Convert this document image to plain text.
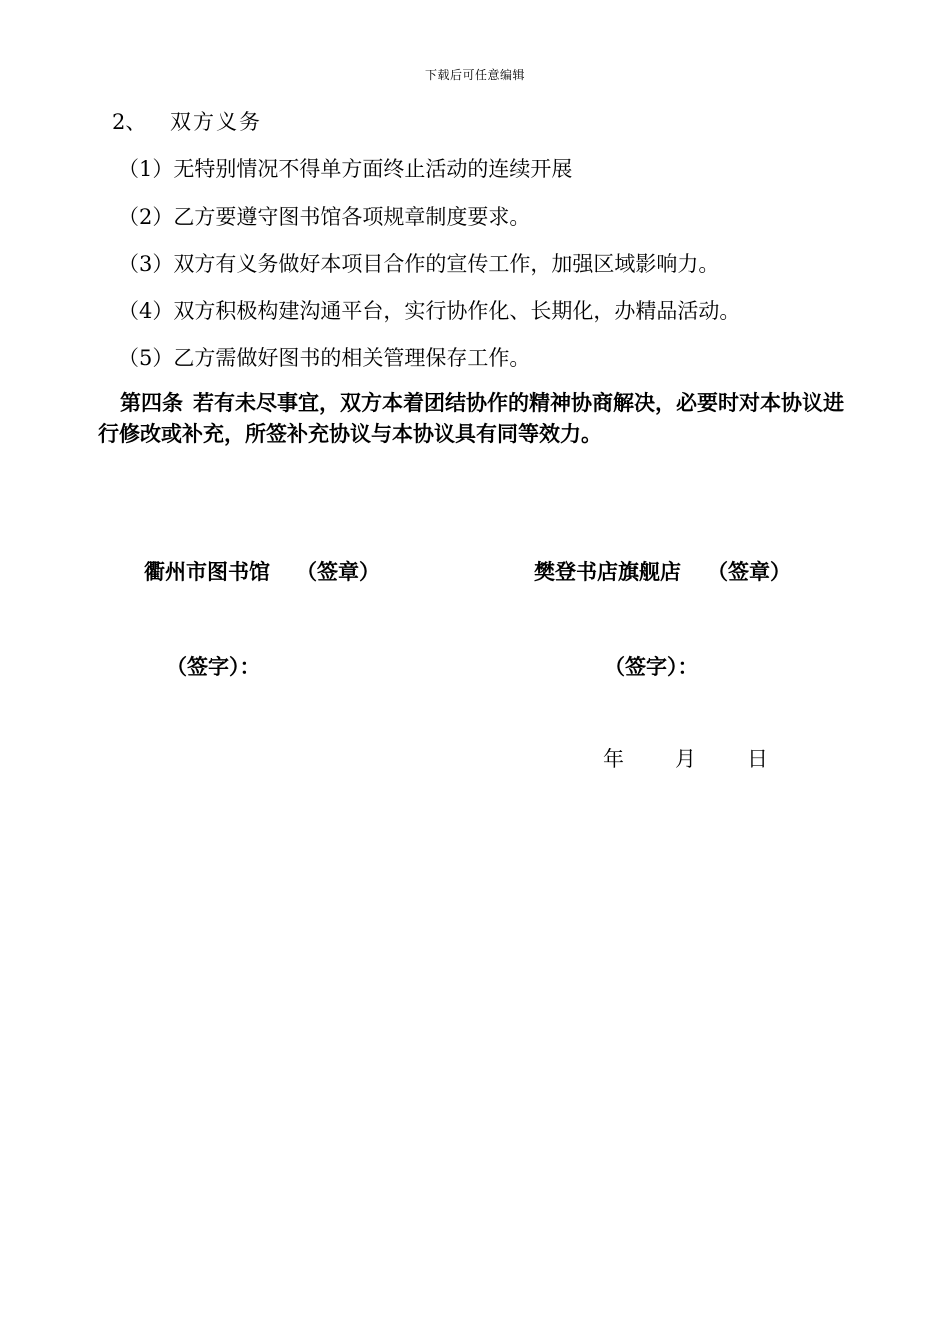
下载后可任意编辑
2、 双方义务
（1）无特别情况不得单方面终止活动的连续开展
（2）乙方要遵守图书馆各项规章制度要求。
（3）双方有义务做好本项目合作的宣传工作，加强区域影响力。
（4）双方积极构建沟通平台，实行协作化、长期化，办精品活动。
（5）乙方需做好图书的相关管理保存工作。
第四条 若有未尽事宜，双方本着团结协作的精神协商解决，必要时对本协议进行修改或补充，所签补充协议与本协议具有同等效力。
衢州市图书馆 （签章）	樊登书店旗舰店 （签章）
（签字）：	（签字）：
年 月 日
